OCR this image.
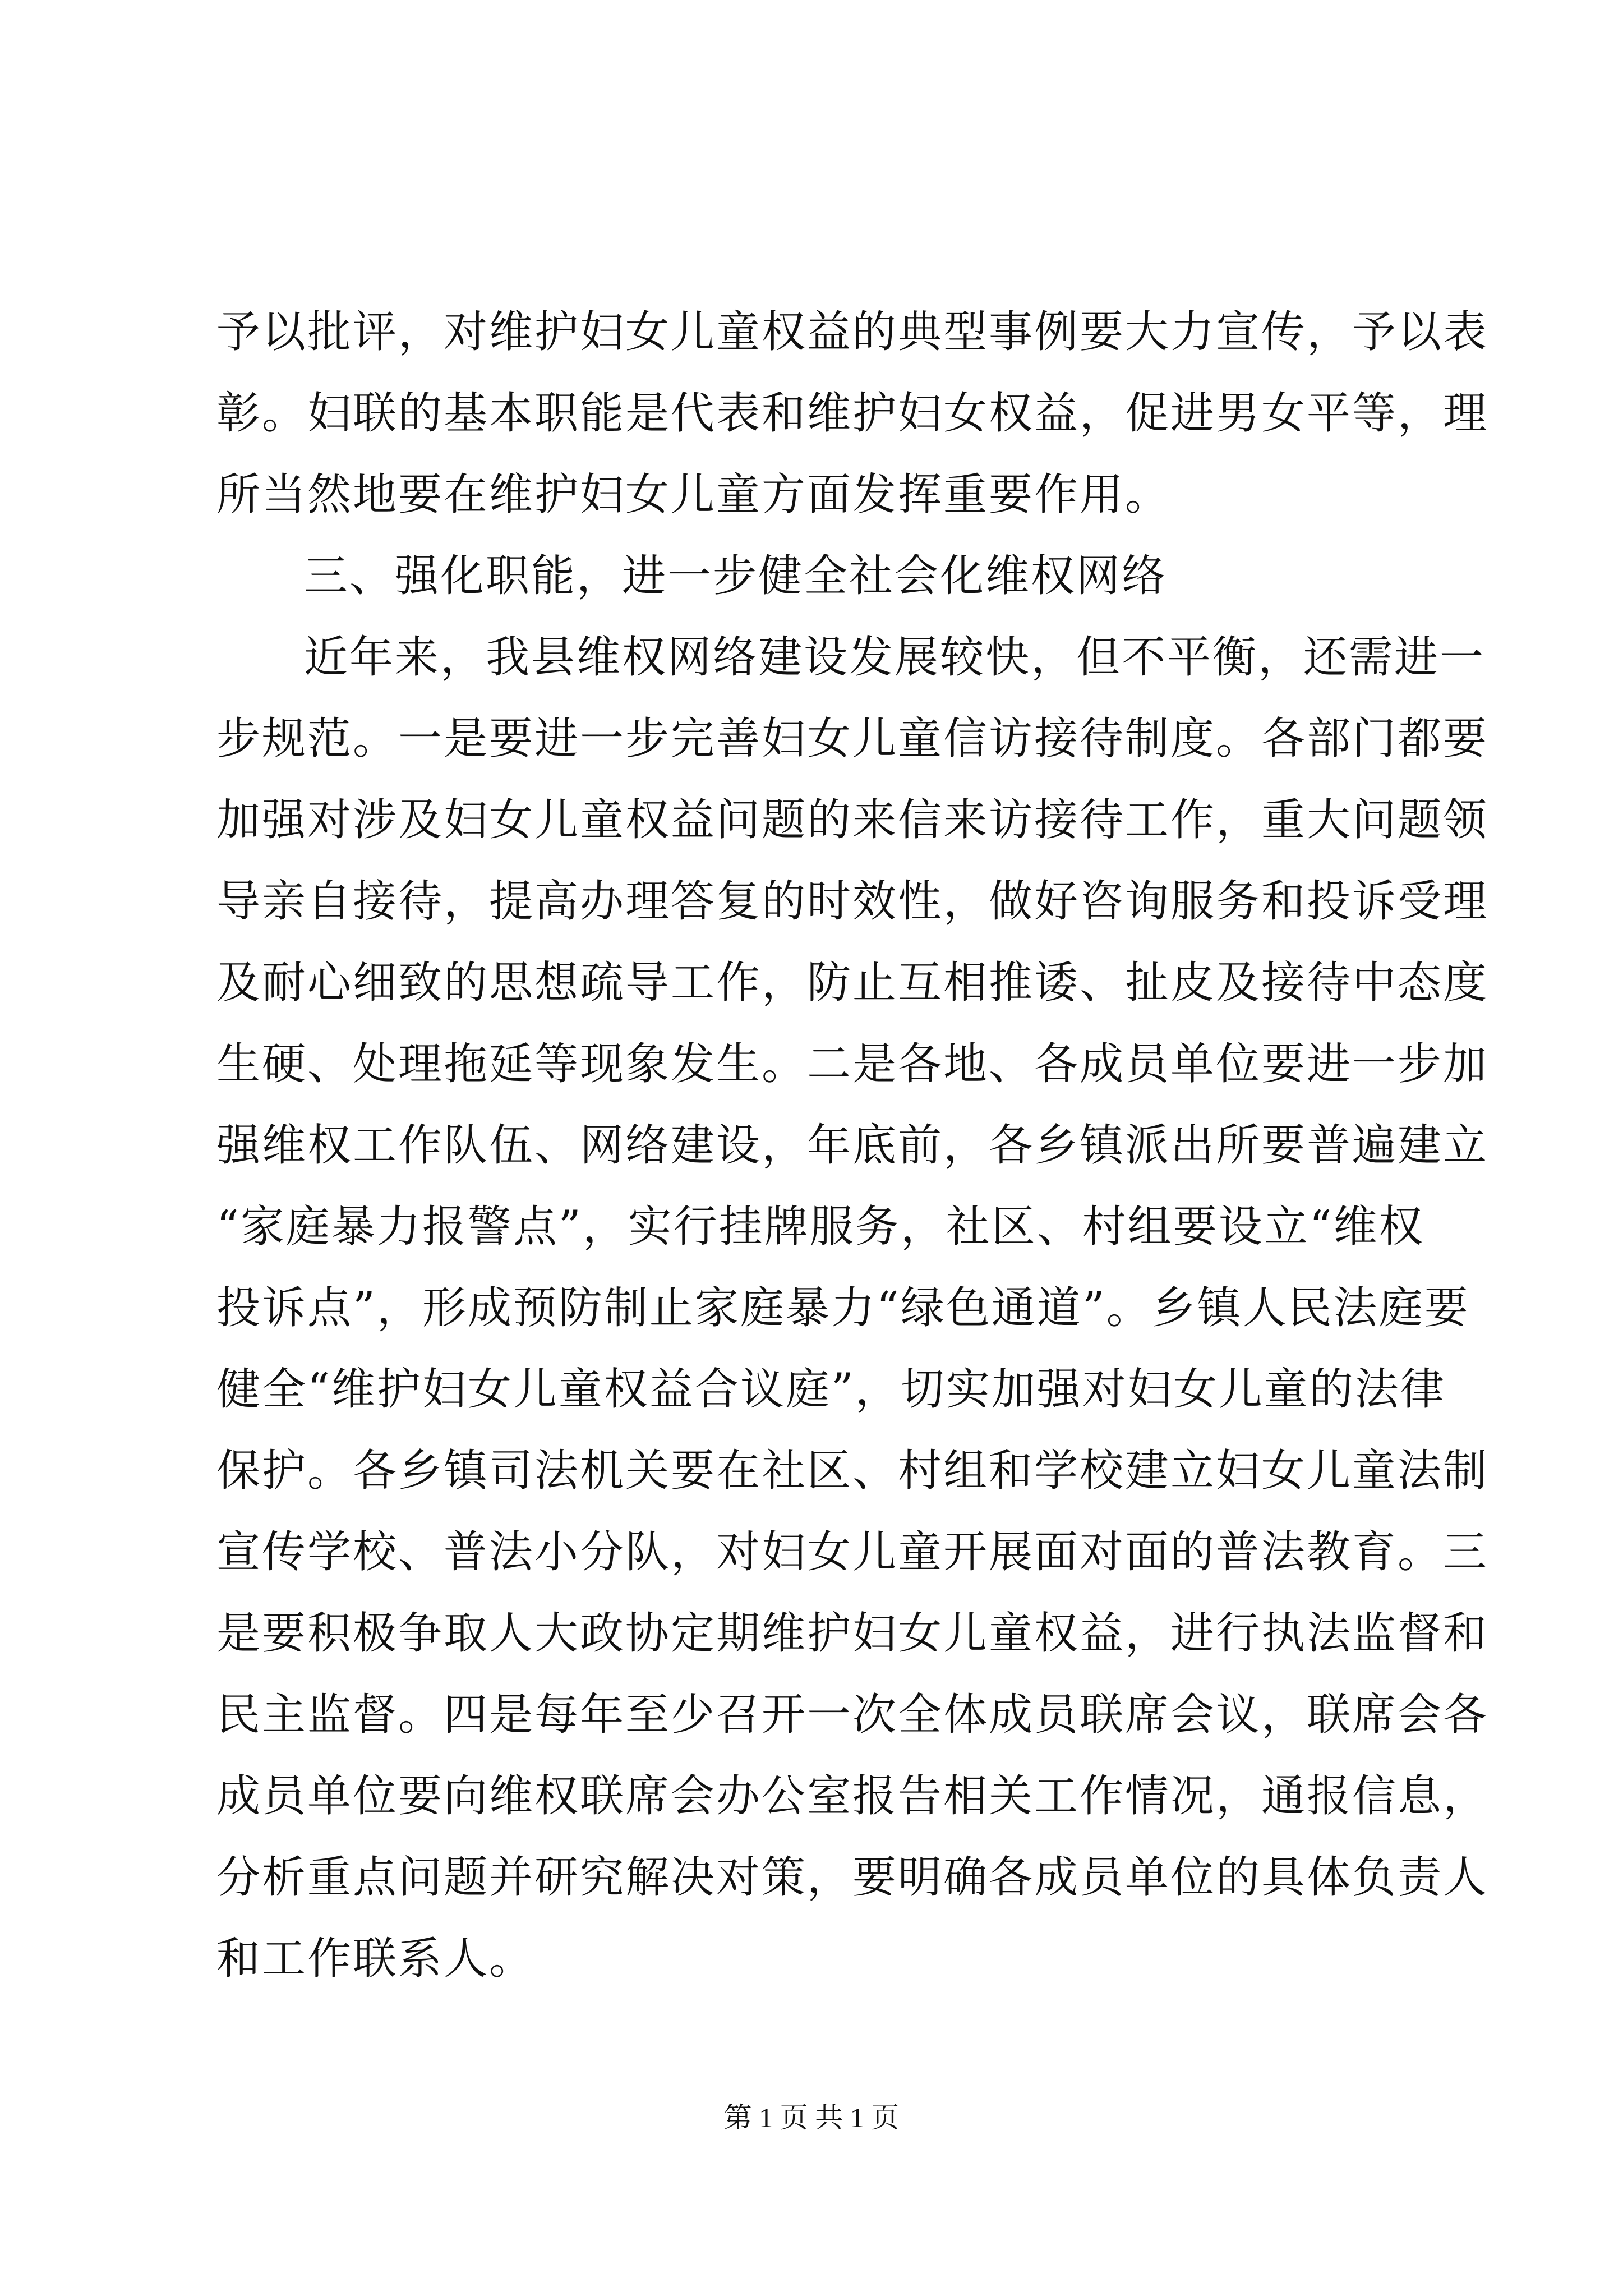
予以批评，对维护妇女儿童权益的典型事例要大力宣传，予以表
彰。妇联的基本职能是代表和维护妇女权益，促进男女平等，理
所当然地要在维护妇女儿童方面发挥重要作用。
三、强化职能，进一步健全社会化维权网络
近年来，我县维权网络建设发展较快，但不平衡，还需进一
步规范。一是要进一步完善妇女儿童信访接待制度。各部门都要
加强对涉及妇女儿童权益问题的来信来访接待工作，重大问题领
导亲自接待，提高办理答复的时效性，做好咨询服务和投诉受理
及耐心细致的思想疏导工作，防止互相推诿、扯皮及接待中态度
生硬、处理拖延等现象发生。二是各地、各成员单位要进一步加
强维权工作队伍、网络建设，年底前，各乡镇派出所要普遍建立
“家庭暴力报警点”，实行挂牌服务，社区、村组要设立“维权
投诉点”，形成预防制止家庭暴力“绿色通道”。乡镇人民法庭要
健全“维护妇女儿童权益合议庭”，切实加强对妇女儿童的法律
保护。各乡镇司法机关要在社区、村组和学校建立妇女儿童法制
宣传学校、普法小分队，对妇女儿童开展面对面的普法教育。三
是要积极争取人大政协定期维护妇女儿童权益，进行执法监督和
民主监督。四是每年至少召开一次全体成员联席会议，联席会各
成员单位要向维权联席会办公室报告相关工作情况，通报信息，
分析重点问题并研究解决对策，要明确各成员单位的具体负责人
和工作联系人。
第 1 页 共 1 页
